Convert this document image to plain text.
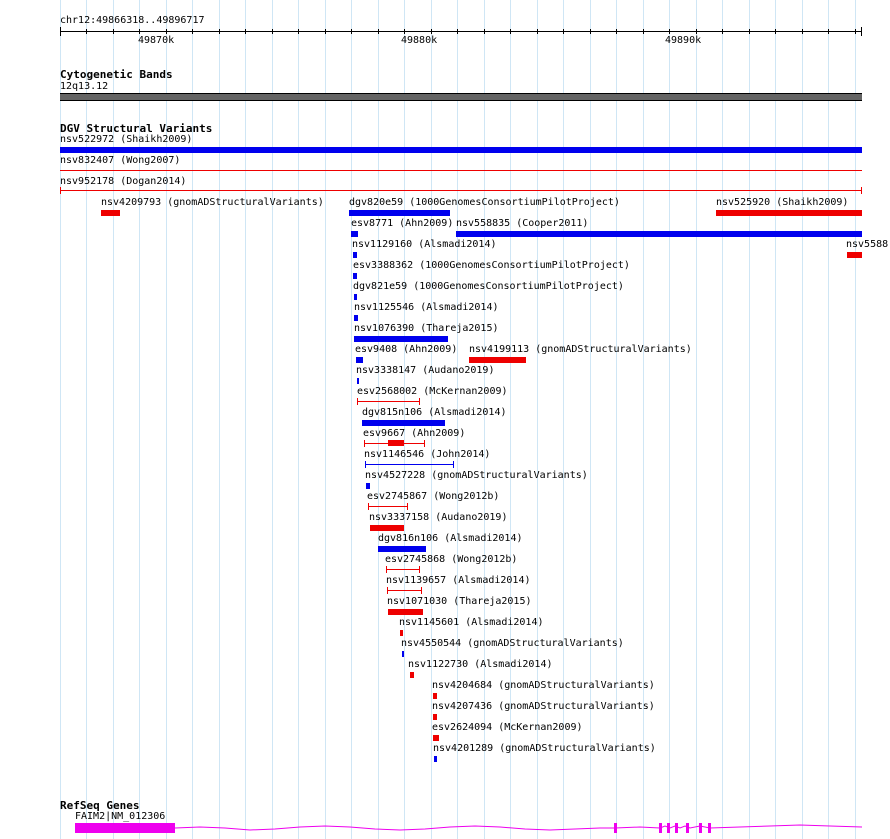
chr12:49866318..49896717
49870k	49880k	49890k
Cytogenetic Bands
12q13.12
DGV Structural Variants
nsv522972 (Shaikh2009)
nsv832407 (Wong2007)
nsv952178 (Dogan2014)
nsv4209793 (gnomADStructuralVariants)	dgv820e59 (1000GenomesConsortiumPilotProject)	nsv525920 (Shaikh2009)
esv8771 (Ahn2009) nsv558835 (Cooper2011)
nsv1129160 (Alsmadi2014)	nsv5588
esv3388362 (1000GenomesConsortiumPilotProject)
dgv821e59 (1000GenomesConsortiumPilotProject)
nsv1125546 (Alsmadi2014)
nsv1076390 (Thareja2015)
esv9408 (Ahn2009) nsv4199113 (gnomADStructuralVariants)
nsv3338147 (Audano2019)
esv2568002 (McKernan2009)
dgv815n106 (Alsmadi2014)
esv9667 (Ahn2009)
nsv1146546 (John2014)
nsv4527228 (gnomADStructuralVariants)
esv2745867 (Wong2012b)
nsv3337158 (Audano2019)
dgv816n106 (Alsmadi2014)
esv2745868 (Wong2012b)
nsv1139657 (Alsmadi2014)
nsv1071030 (Thareja2015)
nsv1145601 (Alsmadi2014)
nsv4550544 (gnomADStructuralVariants)
nsv1122730 (Alsmadi2014)
nsv4204684 (gnomADStructuralVariants)
nsv4207436 (gnomADStructuralVariants)
esv2624094 (McKernan2009)
nsv4201289 (gnomADStructuralVariants)
RefSeq Genes
FAIM2|NM_012306
